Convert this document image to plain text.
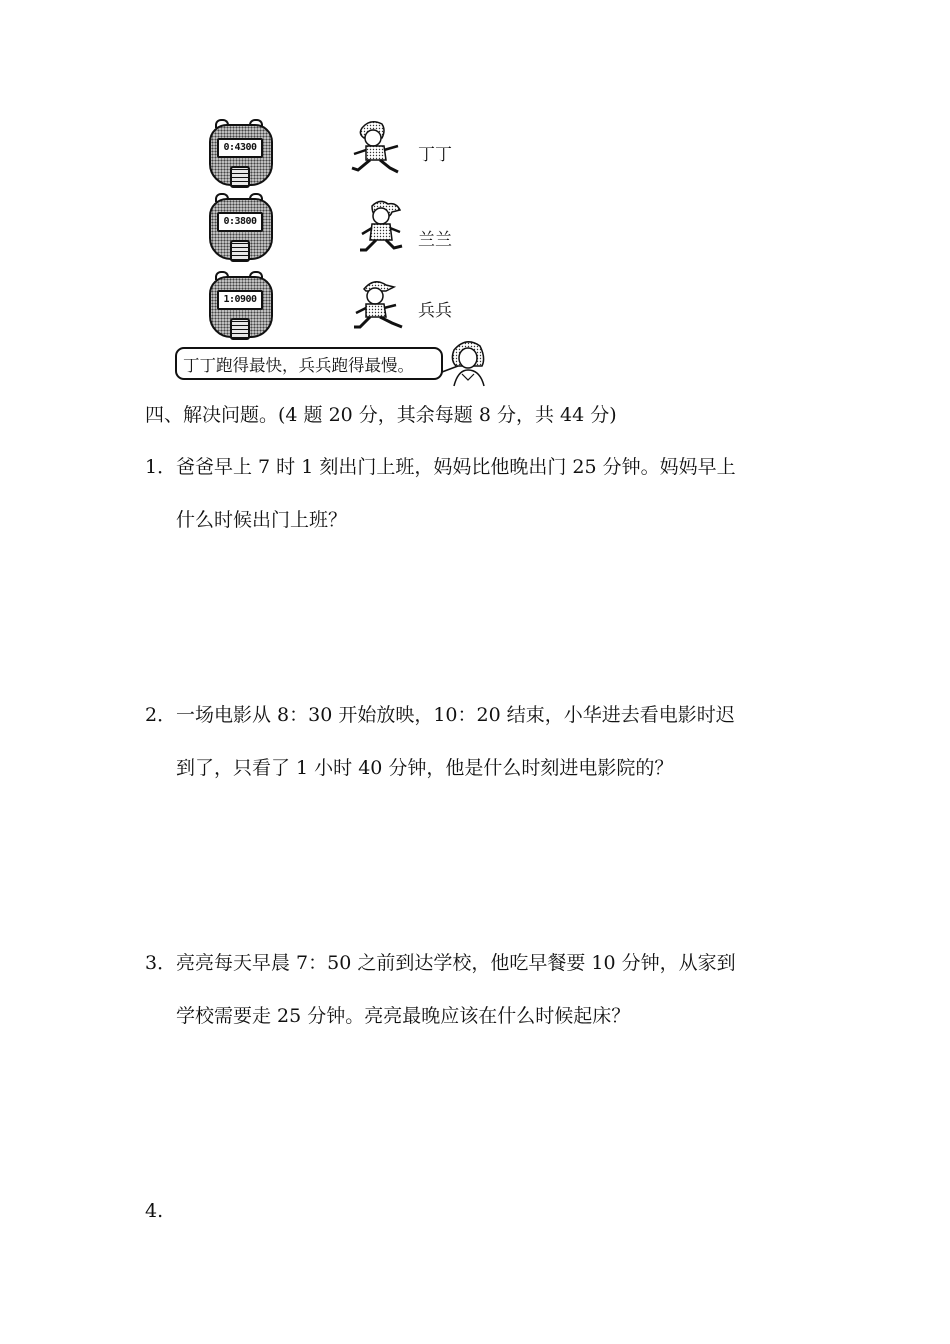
0:4300
0:3800
1:0900
丁丁
兰兰
兵兵
丁丁跑得最快，兵兵跑得最慢。
四、解决问题。(4 题 20 分，其余每题 8 分，共 44 分)
1． 爸爸早上 7 时 1 刻出门上班，妈妈比他晚出门 25 分钟。妈妈早上
什么时候出门上班？
2． 一场电影从 8：30 开始放映，10：20 结束，小华进去看电影时迟
到了，只看了 1 小时 40 分钟，他是什么时刻进电影院的？
3． 亮亮每天早晨 7：50 之前到达学校，他吃早餐要 10 分钟，从家到
学校需要走 25 分钟。亮亮最晚应该在什么时候起床？
4.
